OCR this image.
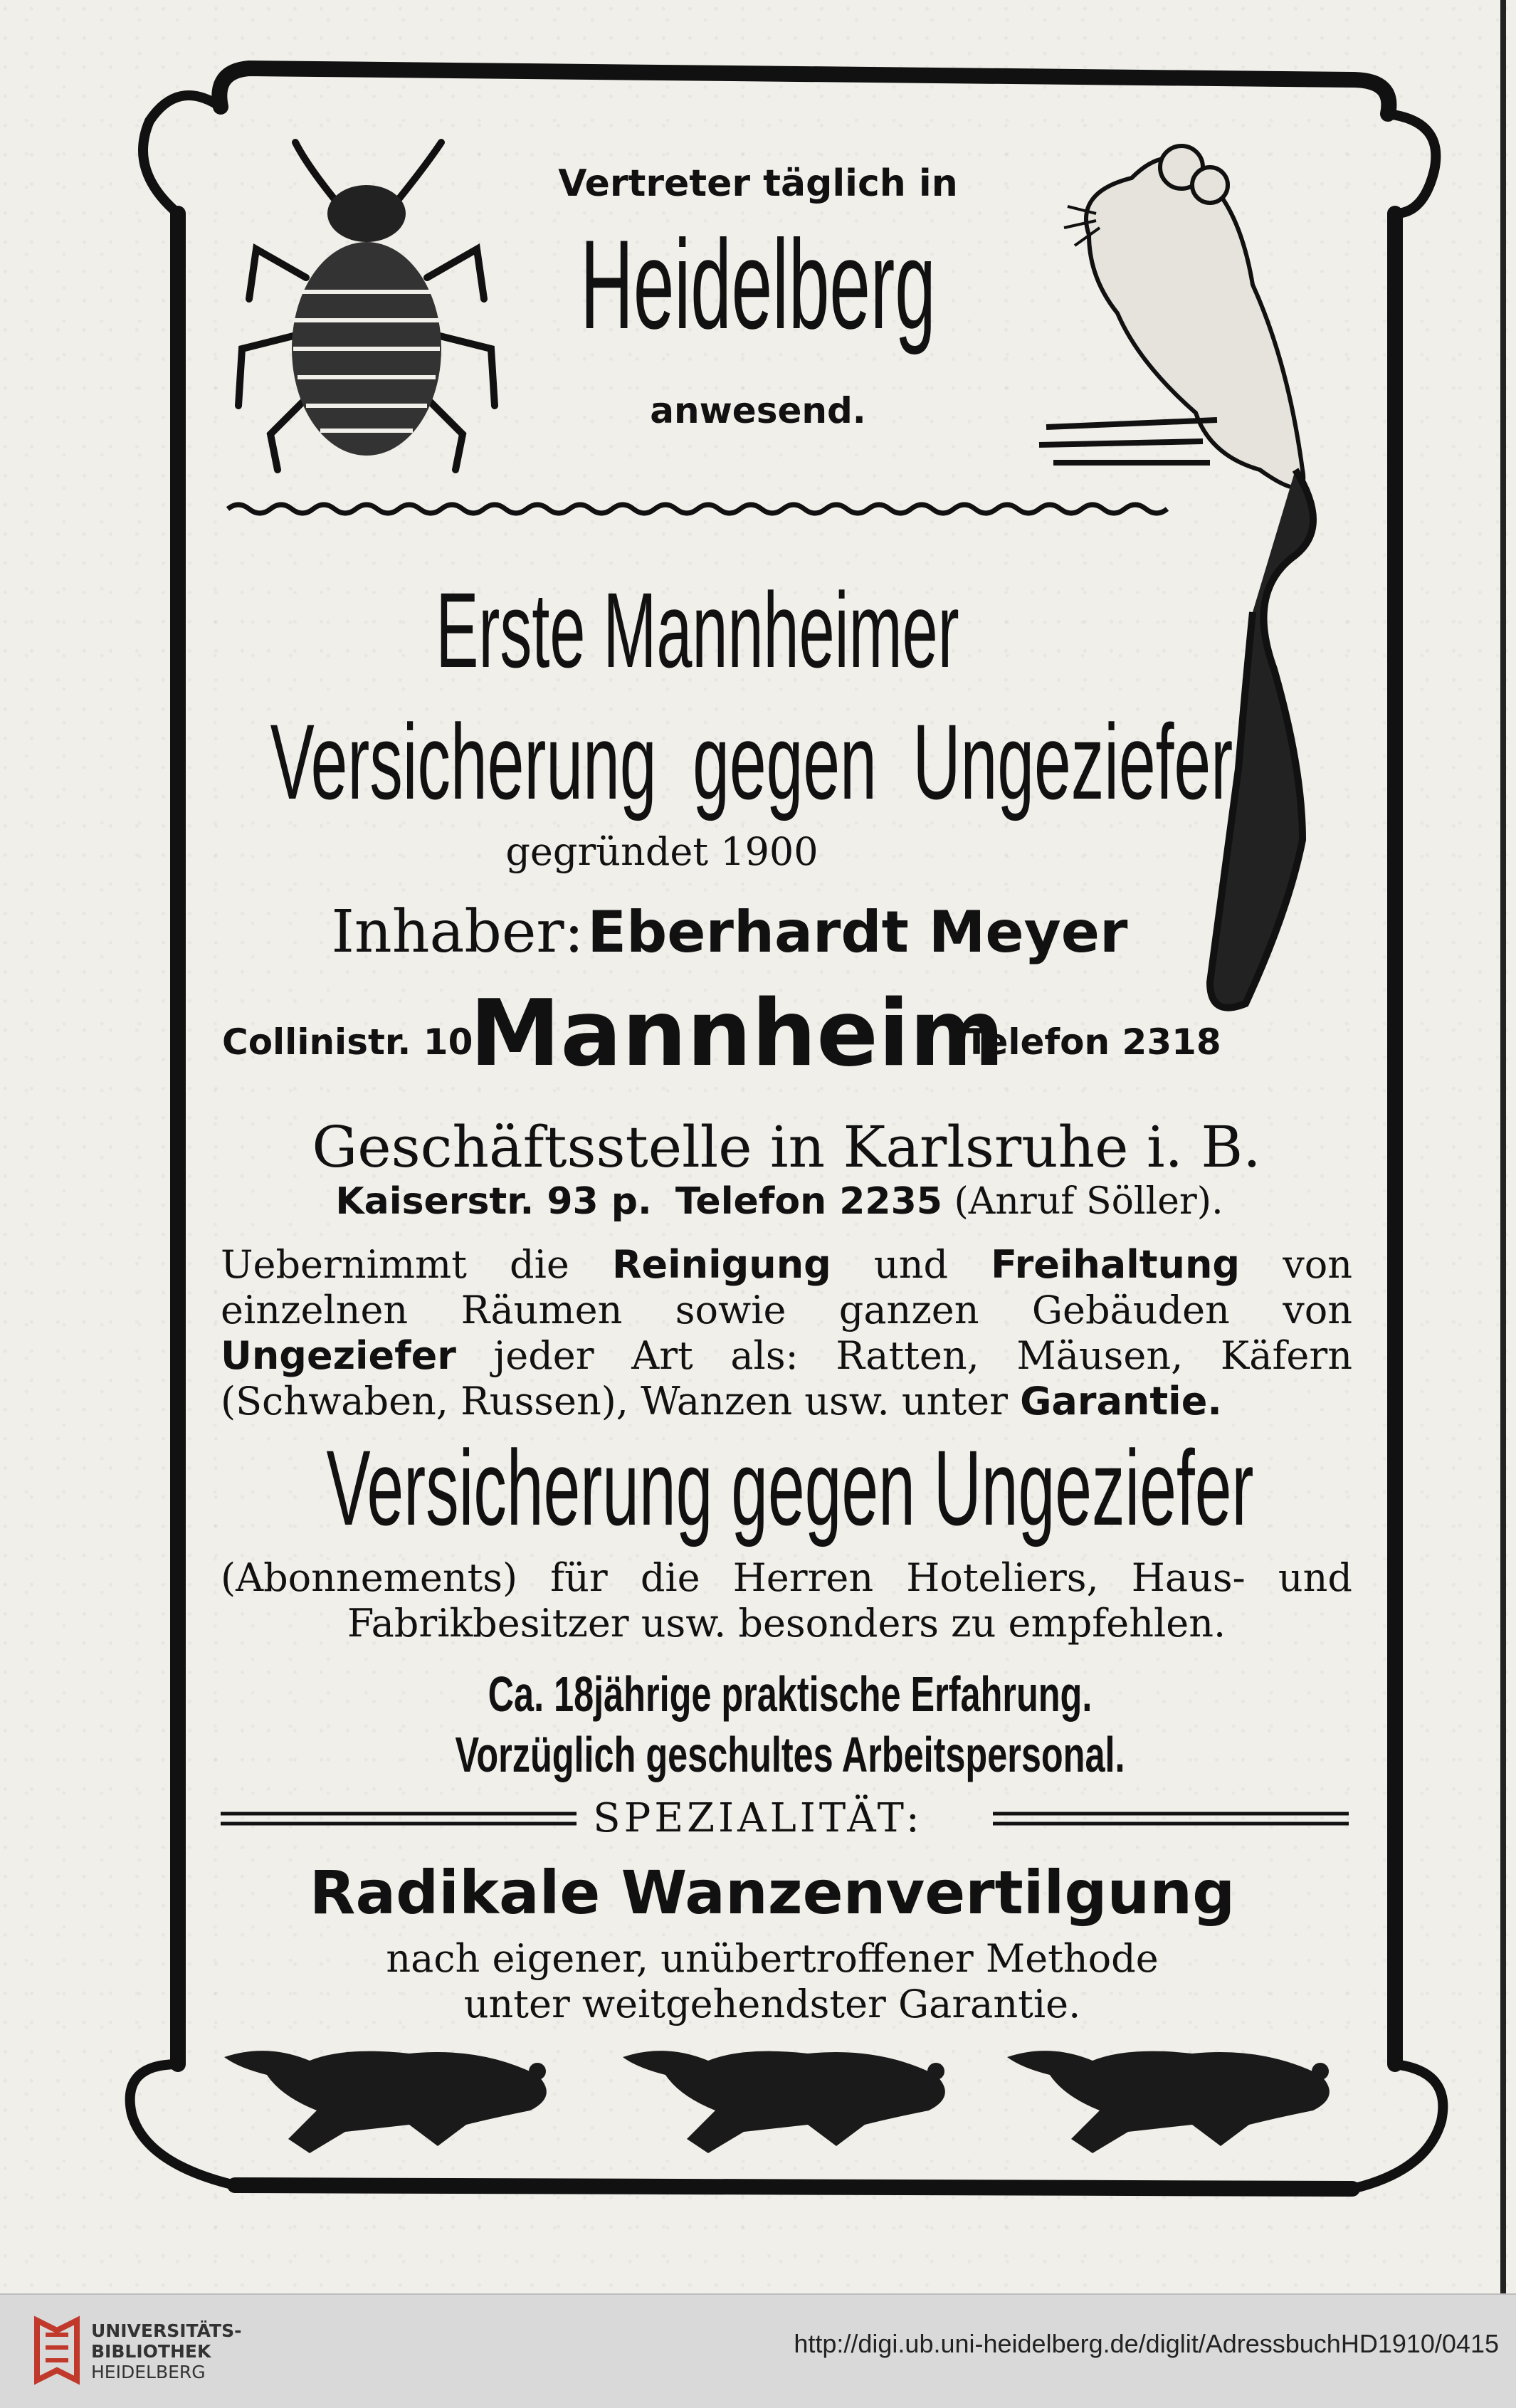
Vertreter täglich in
Heidelberg
anwesend.
Erste Mannheimer
Versicherung gegen Ungeziefer
gegründet 1900
Inhaber: Eberhardt Meyer
Collinistr. 10
Mannheim
Telefon 2318
Geschäftsstelle in Karlsruhe i. B.
Kaiserstr. 93 p. Telefon 2235 (Anruf Söller).
Uebernimmt die Reinigung und Freihaltung von einzelnen Räumen sowie ganzen Gebäuden von Ungeziefer jeder Art als: Ratten, Mäusen, Käfern (Schwaben, Russen), Wanzen usw. unter Garantie.
Versicherung gegen Ungeziefer
(Abonnements) für die Herren Hoteliers, Haus- und Fabrikbesitzer usw. besonders zu empfehlen.
Ca. 18jährige praktische Erfahrung.
Vorzüglich geschultes Arbeitspersonal.
SPEZIALITÄT:
Radikale Wanzenvertilgung
nach eigener, unübertroffener Methode
unter weitgehendster Garantie.
UNIVERSITÄTS-
BIBLIOTHEK
HEIDELBERG
http://digi.ub.uni-heidelberg.de/diglit/AdressbuchHD1910/0415
